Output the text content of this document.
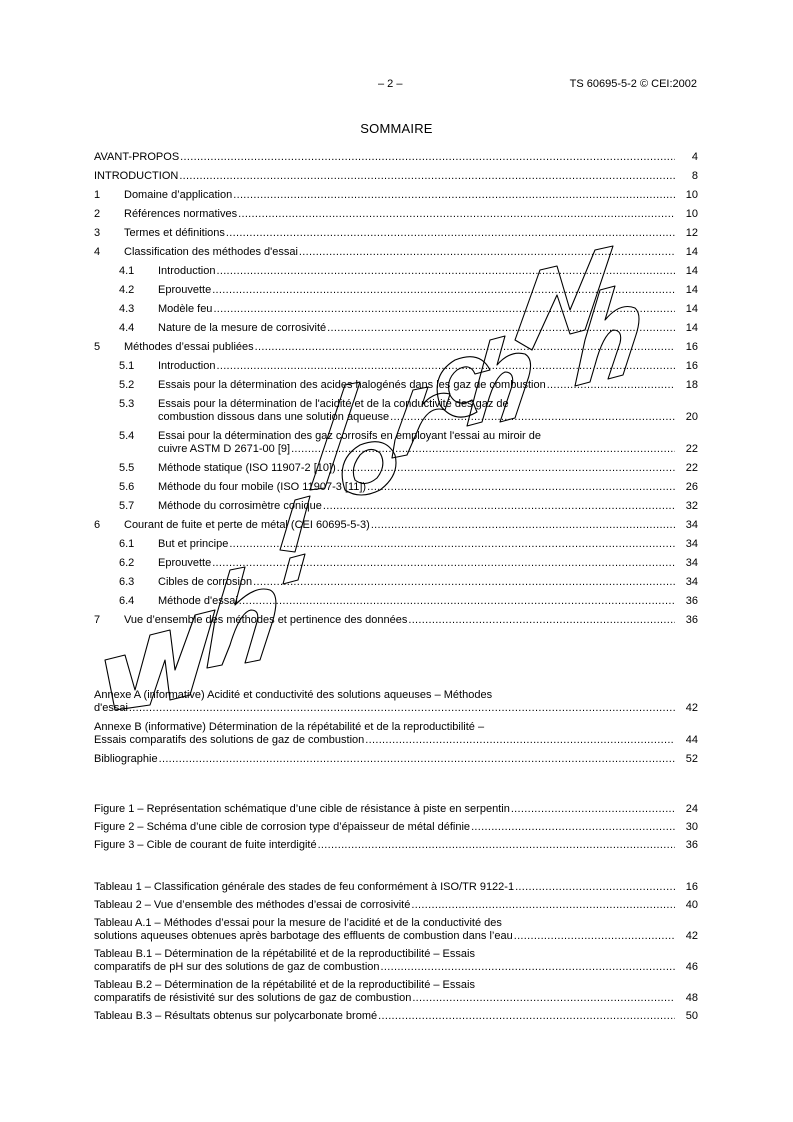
– 2 –	TS 60695-5-2 © CEI:2002
SOMMAIRE
AVANT-PROPOS .....	4
INTRODUCTION .....	8
1 Domaine d’application .....	10
2 Références normatives .....	10
3 Termes et définitions .....	12
4 Classification des méthodes d'essai .....	14
4.1 Introduction .....	14
4.2 Eprouvette .....	14
4.3 Modèle feu .....	14
4.4 Nature de la mesure de corrosivité .....	14
5 Méthodes d’essai publiées .....	16
5.1 Introduction .....	16
5.2 Essais pour la détermination des acides halogénés dans les gaz de combustion .....	18
5.3 Essais pour la détermination de l'acidité et de la conductivité des gaz de
combustion dissous dans une solution aqueuse .....	20
5.4 Essai pour la détermination des gaz corrosifs en employant l'essai au miroir de
cuivre ASTM D 2671-00 [9] .....	22
5.5 Méthode statique (ISO 11907-2 [10]) .....	22
5.6 Méthode du four mobile (ISO 11907-3 [11]) .....	26
5.7 Méthode du corrosimètre conique .....	32
6 Courant de fuite et perte de métal (CEI 60695-5-3) .....	34
6.1 But et principe .....	34
6.2 Eprouvette .....	34
6.3 Cibles de corrosion .....	34
6.4 Méthode d'essai .....	36
7 Vue d’ensemble des méthodes et pertinence des données .....	36
Annexe A (informative) Acidité et conductivité des solutions aqueuses – Méthodes
d'essai .....	42
Annexe B (informative) Détermination de la répétabilité et de la reproductibilité –
Essais comparatifs des solutions de gaz de combustion .....	44
Bibliographie .....	52
Figure 1 – Représentation schématique d’une cible de résistance à piste en serpentin .....	24
Figure 2 – Schéma d’une cible de corrosion type d’épaisseur de métal définie .....	30
Figure 3 – Cible de courant de fuite interdigité .....	36
Tableau 1 – Classification générale des stades de feu conformément à ISO/TR 9122-1 .....	16
Tableau 2 – Vue d’ensemble des méthodes d’essai de corrosivité .....	40
Tableau A.1 – Méthodes d’essai pour la mesure de l’acidité et de la conductivité des
solutions aqueuses obtenues après barbotage des effluents de combustion dans l’eau .....	42
Tableau B.1 – Détermination de la répétabilité et de la reproductibilité – Essais
comparatifs de pH sur des solutions de gaz de combustion .....	46
Tableau B.2 – Détermination de la répétabilité et de la reproductibilité – Essais
comparatifs de résistivité sur des solutions de gaz de combustion .....	48
Tableau B.3 – Résultats obtenus sur polycarbonate bromé .....	50
